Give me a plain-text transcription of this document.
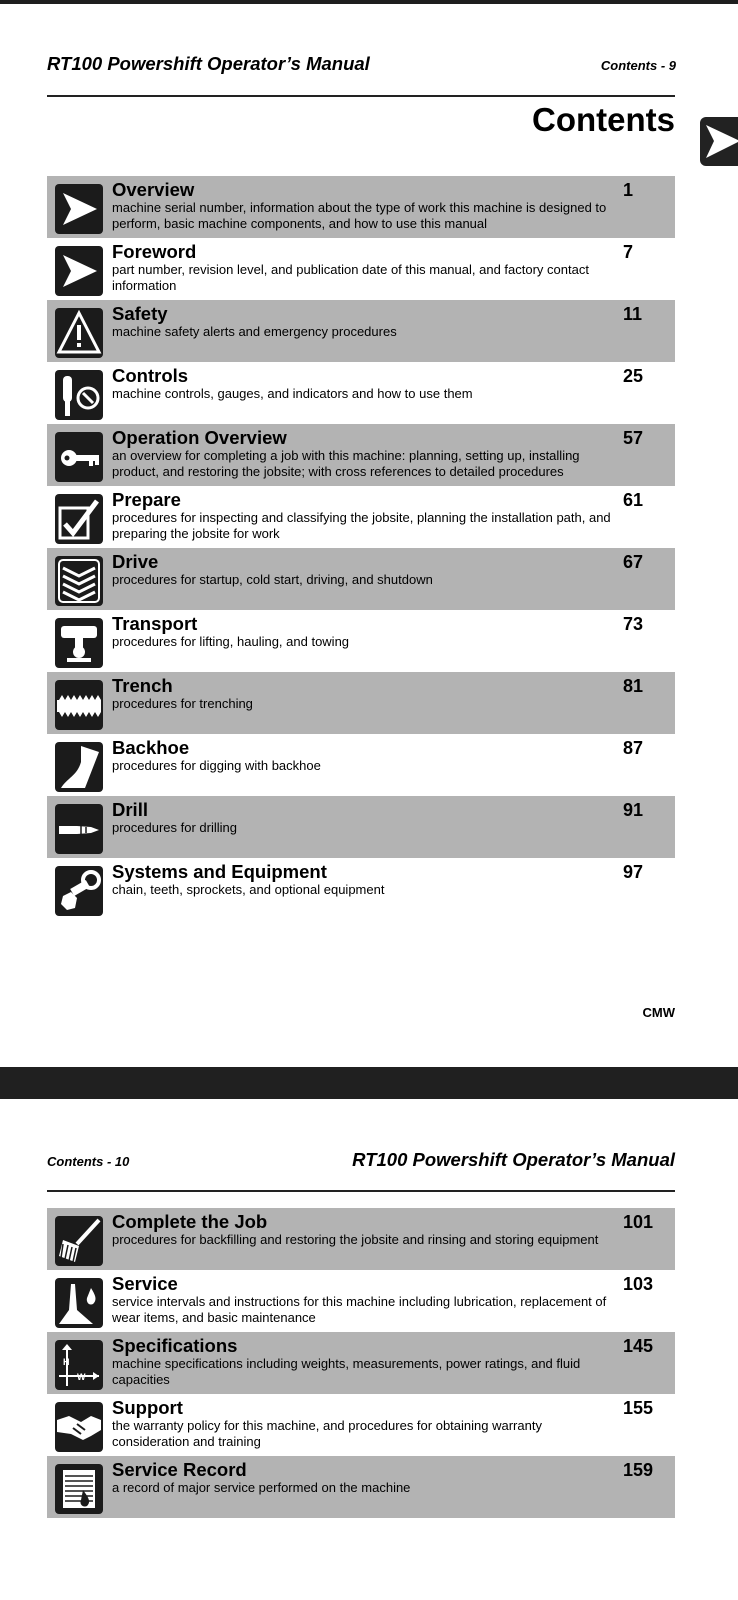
RT100 Powershift Operator’s Manual	Contents - 9
Contents
Overview
machine serial number, information about the type of work this machine is designed to perform, basic machine components, and how to use this manual
1
Foreword
part number, revision level, and publication date of this manual, and factory contact information
7
Safety
machine safety alerts and emergency procedures
11
Controls
machine controls, gauges, and indicators and how to use them
25
Operation Overview
an overview for completing a job with this machine: planning, setting up, installing product, and restoring the jobsite; with cross references to detailed procedures
57
Prepare
procedures for inspecting and classifying the jobsite, planning the installation path, and preparing the jobsite for work
61
Drive
procedures for startup, cold start, driving, and shutdown
67
Transport
procedures for lifting, hauling, and towing
73
Trench
procedures for trenching
81
Backhoe
procedures for digging with backhoe
87
Drill
procedures for drilling
91
Systems and Equipment
chain, teeth, sprockets, and optional equipment
97
CMW
Contents - 10	RT100 Powershift Operator’s Manual
Complete the Job
procedures for backfilling and restoring the jobsite and rinsing and storing equipment
101
Service
service intervals and instructions for this machine including lubrication, replacement of wear items, and basic maintenance
103
H
W
Specifications
machine specifications including weights, measurements, power ratings, and fluid capacities
145
Support
the warranty policy for this machine, and procedures for obtaining warranty consideration and training
155
Service Record
a record of major service performed on the machine
159
